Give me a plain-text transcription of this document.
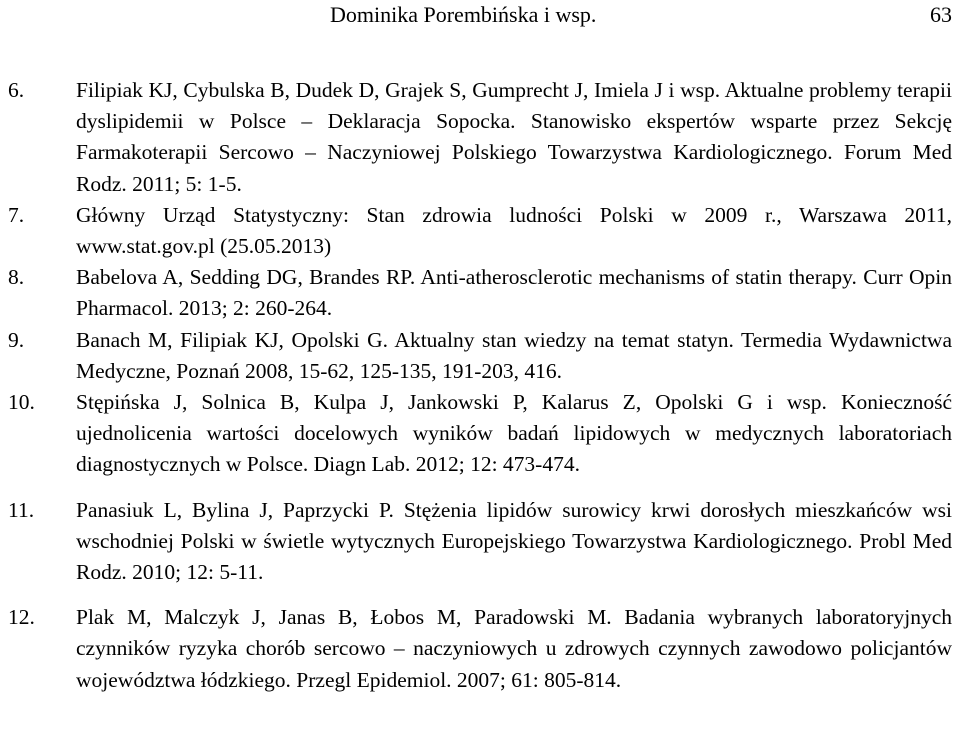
Dominika Porembińska i wsp.	63
6. Filipiak KJ, Cybulska B, Dudek D, Grajek S, Gumprecht J, Imiela J i wsp. Aktualne problemy terapii dyslipidemii w Polsce – Deklaracja Sopocka. Stanowisko ekspertów wsparte przez Sekcję Farmakoterapii Sercowo – Naczyniowej Polskiego Towarzystwa Kardiologicznego. Forum Med Rodz. 2011; 5: 1-5.
7. Główny Urząd Statystyczny: Stan zdrowia ludności Polski w 2009 r., Warszawa 2011, www.stat.gov.pl (25.05.2013)
8. Babelova A, Sedding DG, Brandes RP. Anti-atherosclerotic mechanisms of statin therapy. Curr Opin Pharmacol. 2013; 2: 260-264.
9. Banach M, Filipiak KJ, Opolski G. Aktualny stan wiedzy na temat statyn. Termedia Wydawnictwa Medyczne, Poznań 2008, 15-62, 125-135, 191-203, 416.
10. Stępińska J, Solnica B, Kulpa J, Jankowski P, Kalarus Z, Opolski G i wsp. Konieczność ujednolicenia wartości docelowych wyników badań lipidowych w medycznych laboratoriach diagnostycznych w Polsce. Diagn Lab. 2012; 12: 473-474.
11. Panasiuk L, Bylina J, Paprzycki P. Stężenia lipidów surowicy krwi dorosłych mieszkańców wsi wschodniej Polski w świetle wytycznych Europejskiego Towarzystwa Kardiologicznego. Probl Med Rodz. 2010; 12: 5-11.
12. Plak M, Malczyk J, Janas B, Łobos M, Paradowski M. Badania wybranych laboratoryjnych czynników ryzyka chorób sercowo – naczyniowych u zdrowych czynnych zawodowo policjantów województwa łódzkiego. Przegl Epidemiol. 2007; 61: 805-814.
